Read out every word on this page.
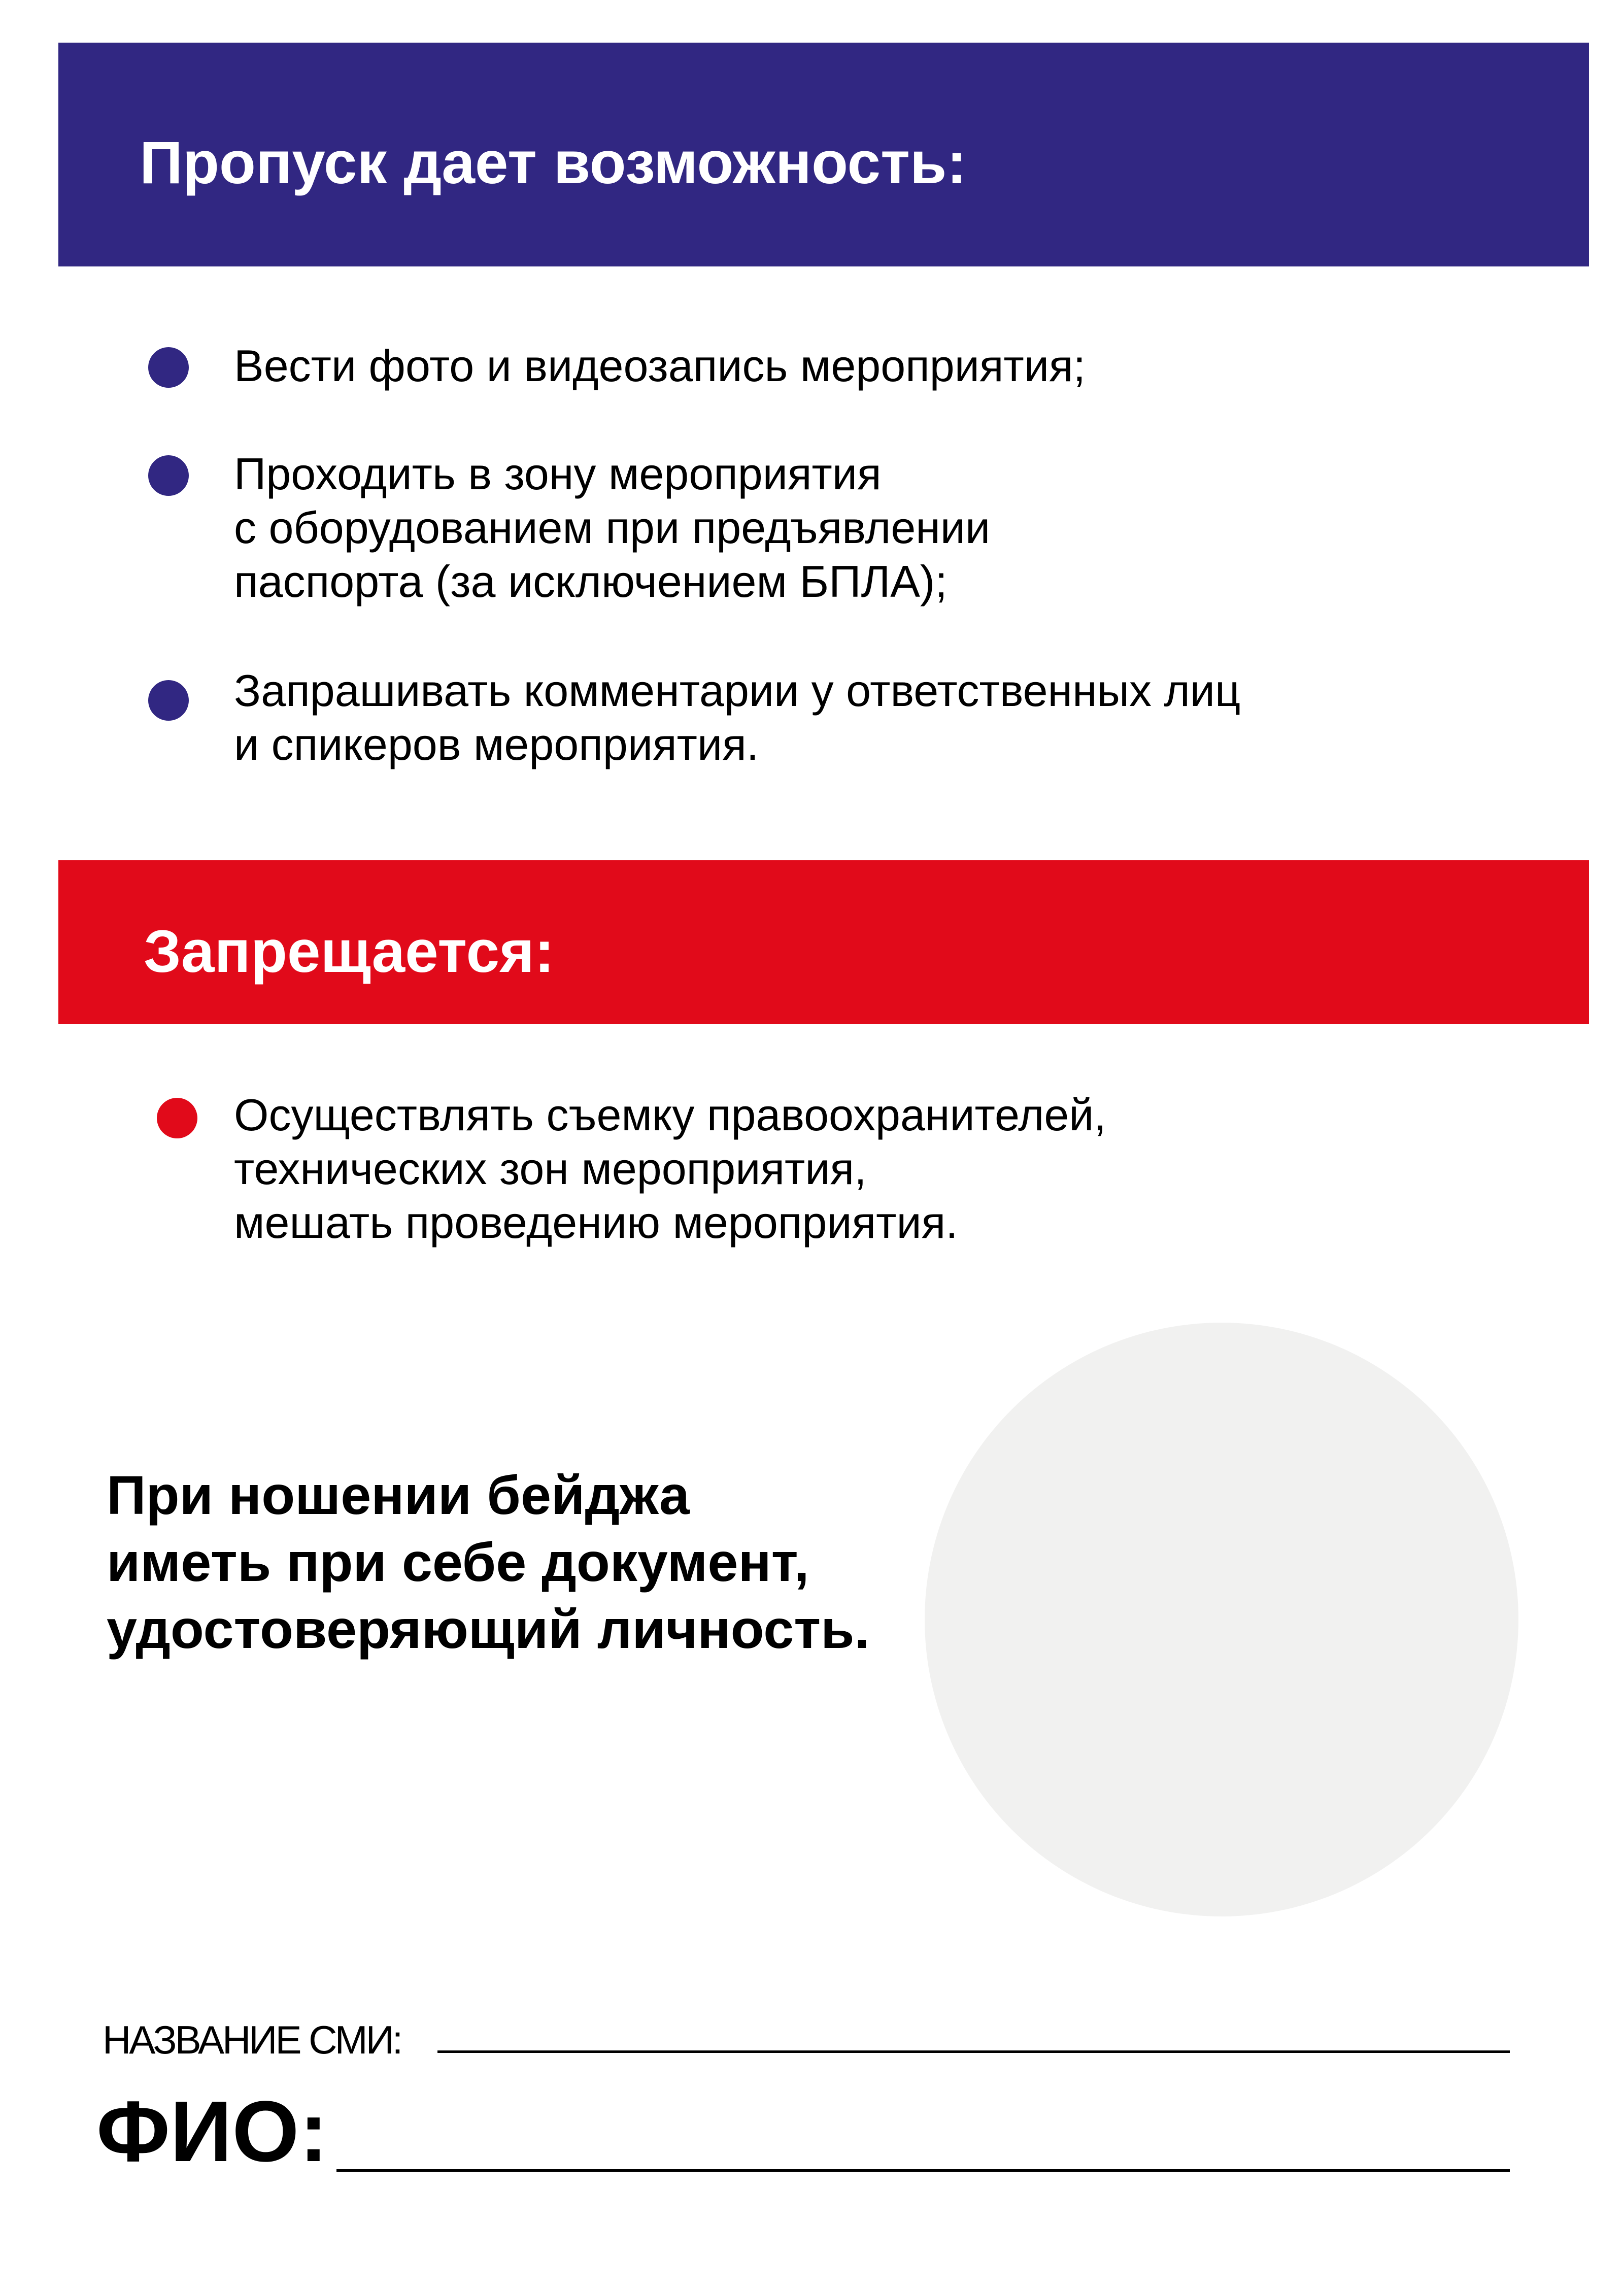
Пропуск дает возможность:
Вести фото и видеозапись мероприятия;
Проходить в зону мероприятия
с оборудованием при предъявлении
паспорта (за исключением БПЛА);
Запрашивать комментарии у ответственных лиц
и спикеров мероприятия.
Запрещается:
Осуществлять съемку правоохранителей,
технических зон мероприятия,
мешать проведению мероприятия.
При ношении бейджа
иметь при себе документ,
удостоверяющий личность.
НАЗВАНИЕ СМИ:
ФИО:
